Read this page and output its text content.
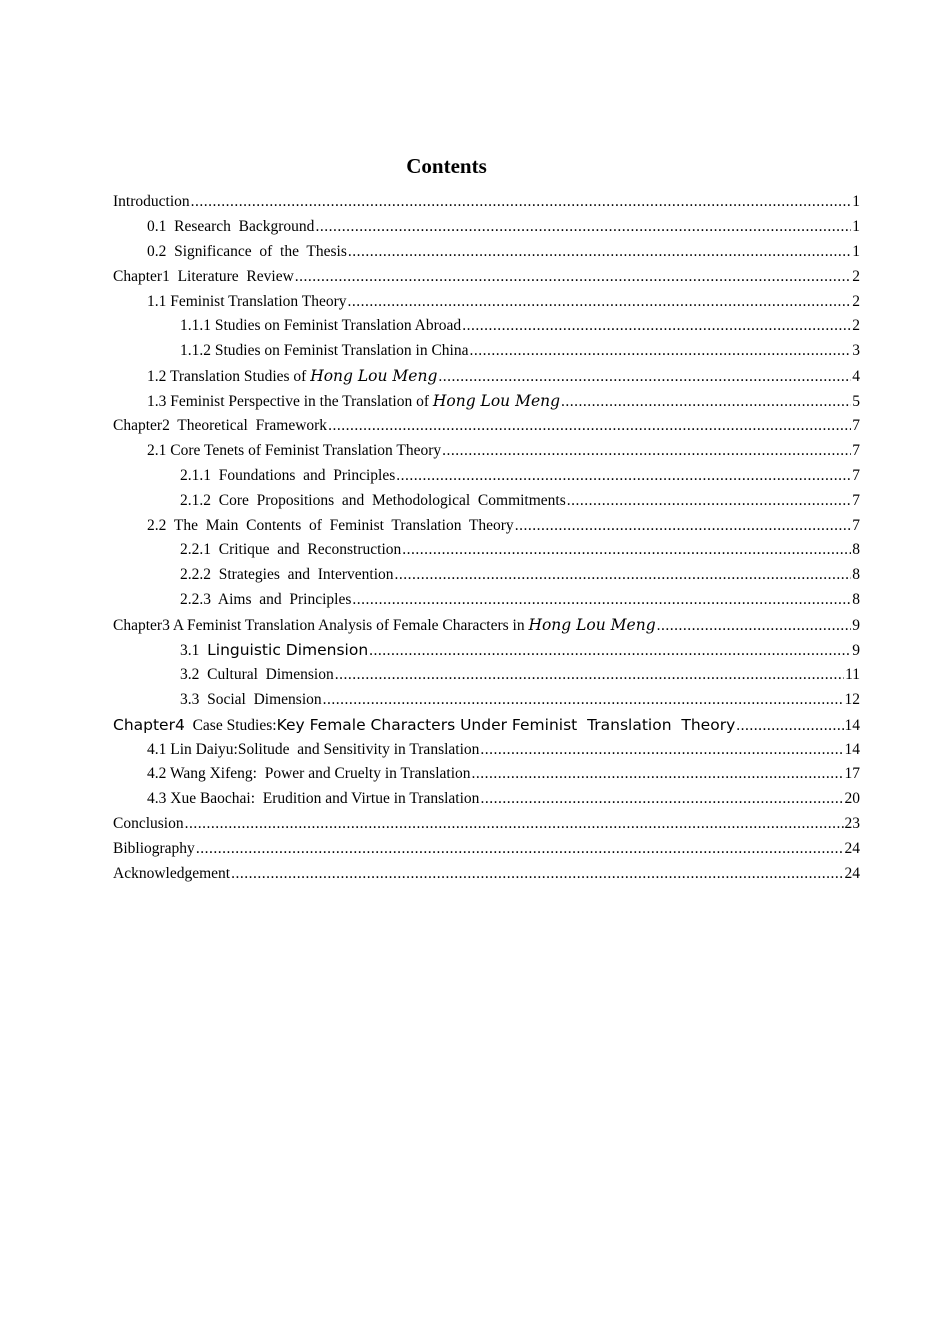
Contents
Introduction .....	1
0.1  Research  Background .....	1
0.2  Significance  of  the  Thesis .....	1
Chapter1  Literature  Review .....	2
1.1 Feminist Translation Theory .....	2
1.1.1 Studies on Feminist Translation Abroad .....	2
1.1.2 Studies on Feminist Translation in China .....	3
1.2 Translation Studies of Hong Lou Meng .....	4
1.3 Feminist Perspective in the Translation of Hong Lou Meng .....	5
Chapter2  Theoretical  Framework .....	7
2.1 Core Tenets of Feminist Translation Theory .....	7
2.1.1  Foundations  and  Principles .....	7
2.1.2  Core  Propositions  and  Methodological  Commitments .....	7
2.2  The  Main  Contents  of  Feminist  Translation  Theory .....	7
2.2.1  Critique  and  Reconstruction .....	8
2.2.2  Strategies  and  Intervention .....	8
2.2.3  Aims  and  Principles .....	8
Chapter3 A Feminist Translation Analysis of Female Characters in Hong Lou Meng .....	9
3.1  Linguistic Dimension .....	9
3.2  Cultural  Dimension .....	11
3.3  Social  Dimension .....	12
Chapter4  Case Studies:Key Female Characters Under Feminist  Translation  Theory .....	14
4.1 Lin Daiyu:Solitude  and Sensitivity in Translation .....	14
4.2 Wang Xifeng:  Power and Cruelty in Translation .....	17
4.3 Xue Baochai:  Erudition and Virtue in Translation .....	20
Conclusion .....	23
Bibliography .....	24
Acknowledgement .....	24
